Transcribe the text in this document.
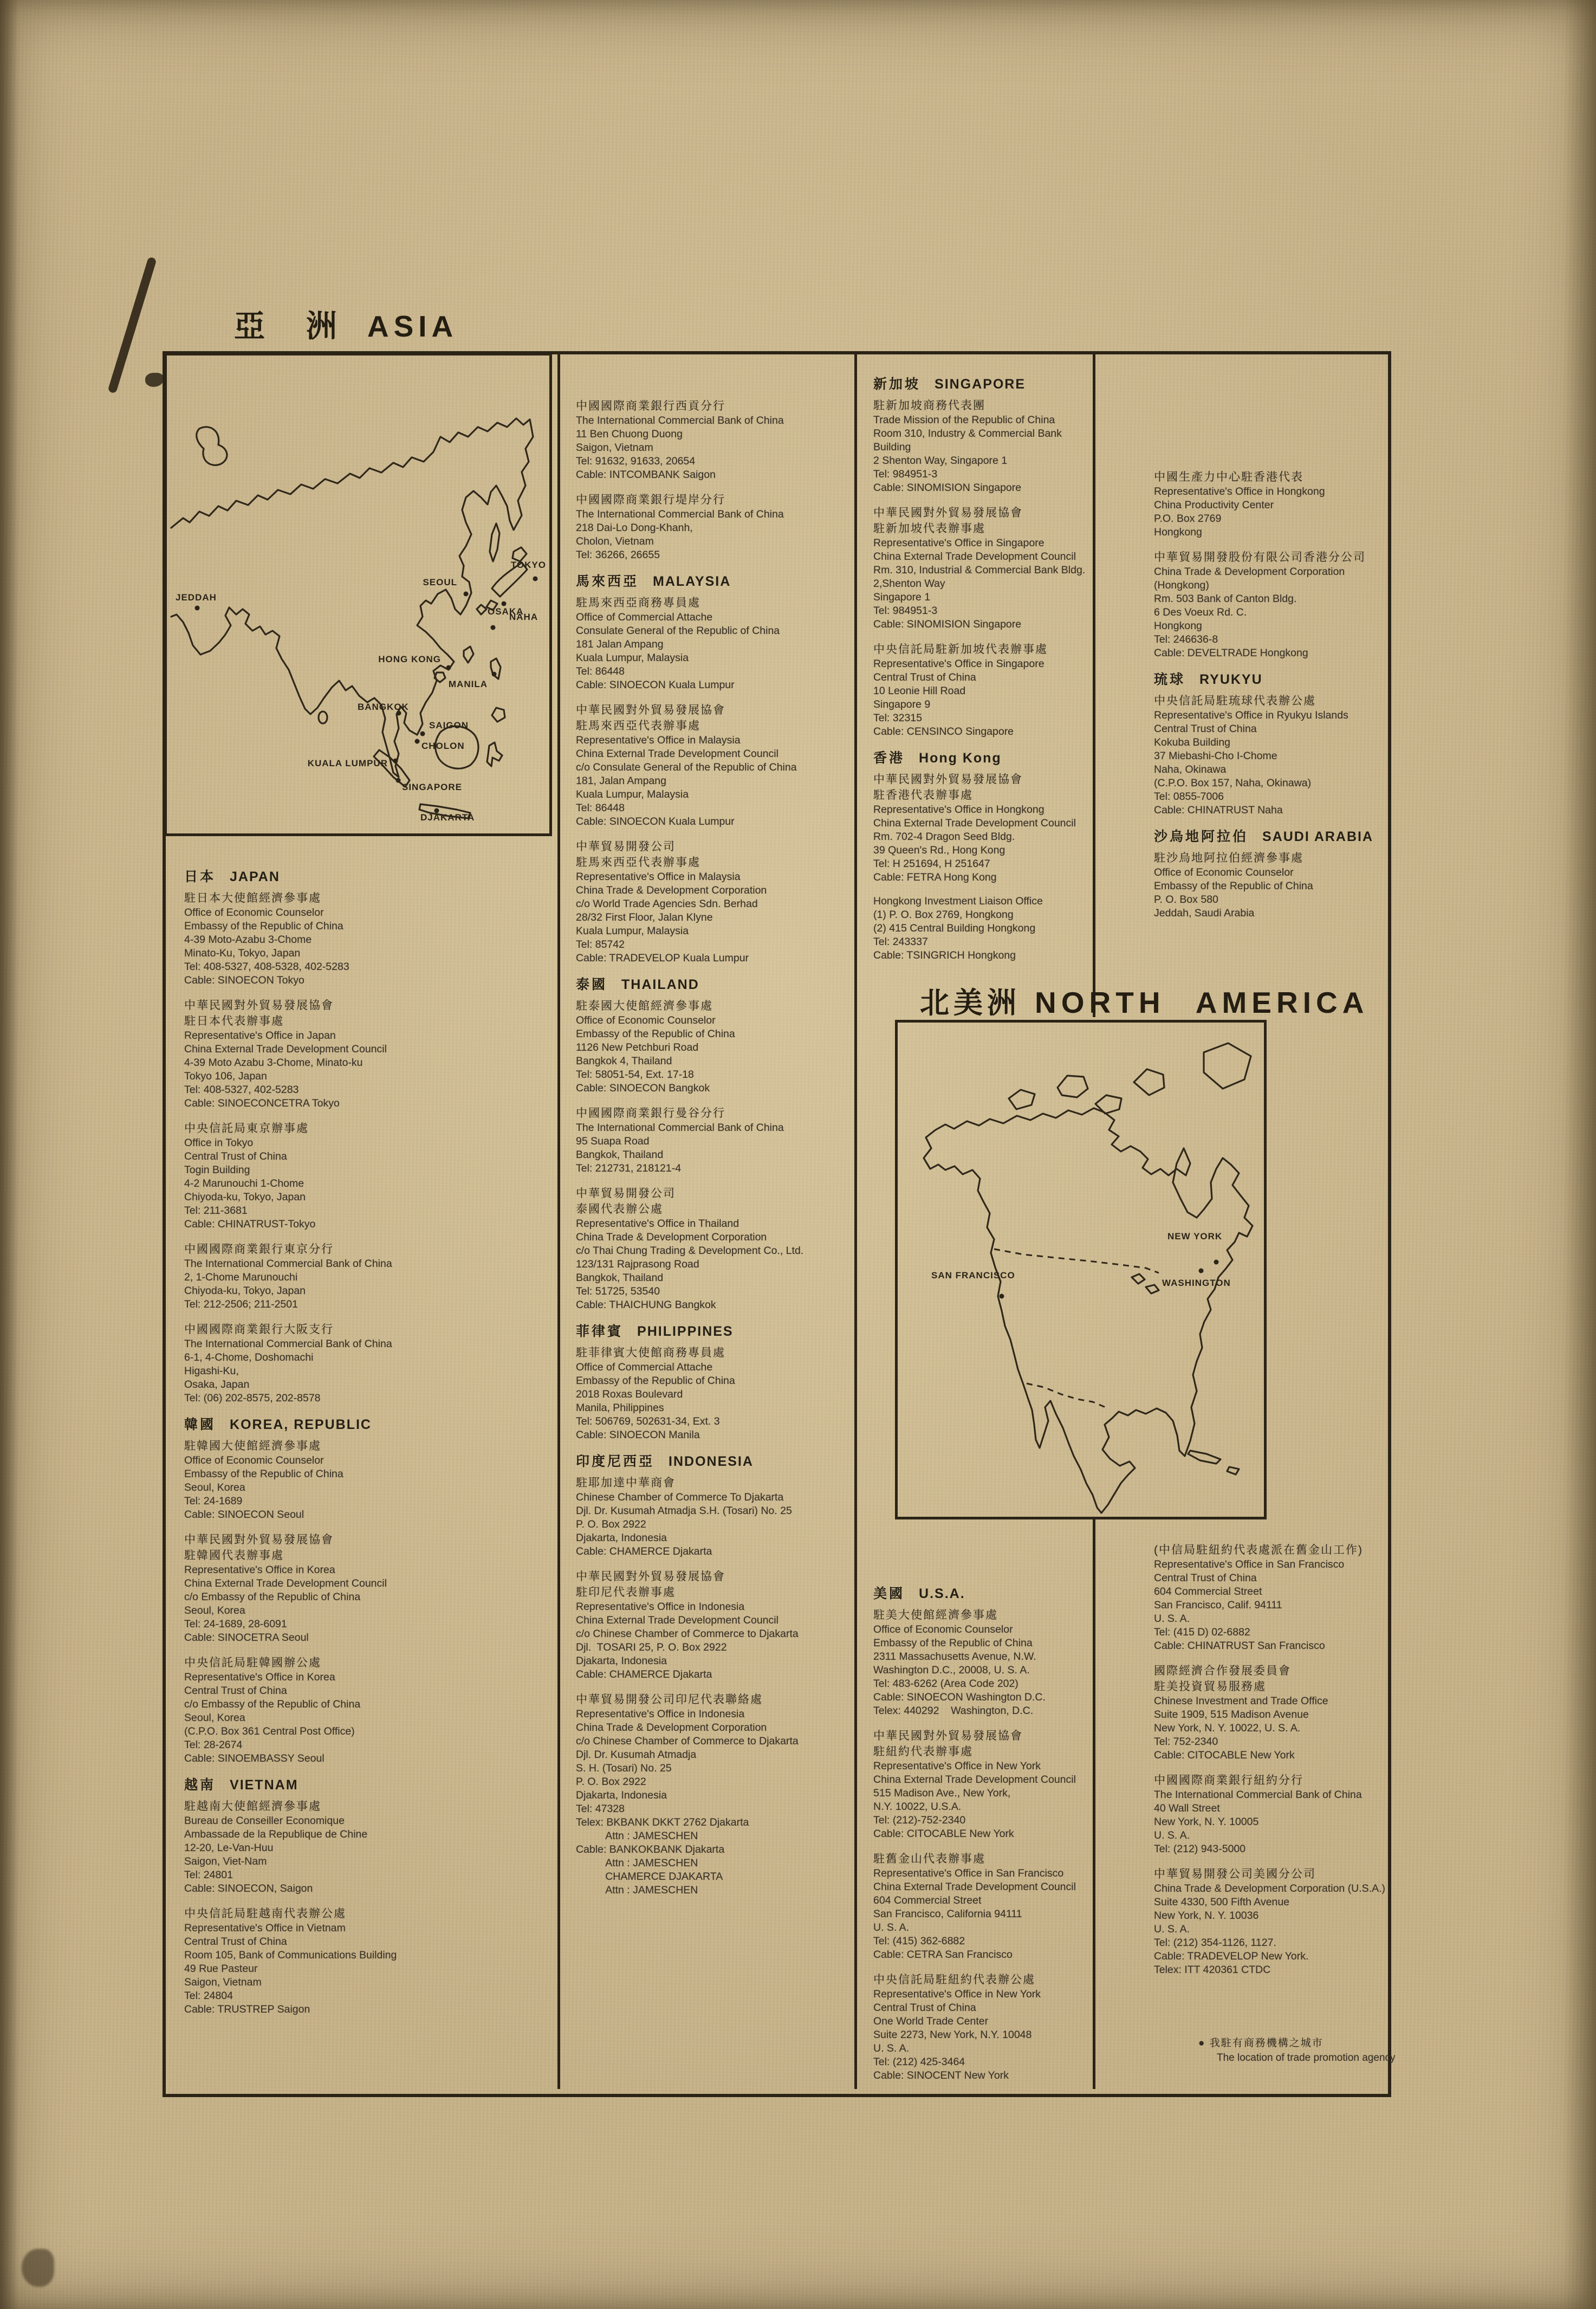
亞 洲 ASIA
JEDDAH
SEOUL
TOKYO
OSAKA
NAHA
HONG KONG
MANILA
BANGKOK
SAIGON
CHOLON
KUALA LUMPUR
SINGAPORE
DJAKARTA
北美洲 NORTH AMERICA
SAN FRANCISCO
NEW YORK
WASHINGTON
日本 JAPAN
駐日本大使館經濟參事處
Office of Economic Counselor
Embassy of the Republic of China
4-39 Moto-Azabu 3-Chome
Minato-Ku, Tokyo, Japan
Tel: 408-5327, 408-5328, 402-5283
Cable: SINOECON Tokyo
中華民國對外貿易發展協會
駐日本代表辦事處
Representative's Office in Japan
China External Trade Development Council
4-39 Moto Azabu 3-Chome, Minato-ku
Tokyo 106, Japan
Tel: 408-5327, 402-5283
Cable: SINOECONCETRA Tokyo
中央信託局東京辦事處
Office in Tokyo
Central Trust of China
Togin Building
4-2 Marunouchi 1-Chome
Chiyoda-ku, Tokyo, Japan
Tel: 211-3681
Cable: CHINATRUST-Tokyo
中國國際商業銀行東京分行
The International Commercial Bank of China
2, 1-Chome Marunouchi
Chiyoda-ku, Tokyo, Japan
Tel: 212-2506; 211-2501
中國國際商業銀行大阪支行
The International Commercial Bank of China
6-1, 4-Chome, Doshomachi
Higashi-Ku,
Osaka, Japan
Tel: (06) 202-8575, 202-8578
韓國 KOREA, REPUBLIC
駐韓國大使館經濟參事處
Office of Economic Counselor
Embassy of the Republic of China
Seoul, Korea
Tel: 24-1689
Cable: SINOECON Seoul
中華民國對外貿易發展協會
駐韓國代表辦事處
Representative's Office in Korea
China External Trade Development Council
c/o Embassy of the Republic of China
Seoul, Korea
Tel: 24-1689, 28-6091
Cable: SINOCETRA Seoul
中央信託局駐韓國辦公處
Representative's Office in Korea
Central Trust of China
c/o Embassy of the Republic of China
Seoul, Korea
(C.P.O. Box 361 Central Post Office)
Tel: 28-2674
Cable: SINOEMBASSY Seoul
越南 VIETNAM
駐越南大使館經濟參事處
Bureau de Conseiller Economique
Ambassade de la Republique de Chine
12-20, Le-Van-Huu
Saigon, Viet-Nam
Tel: 24801
Cable: SINOECON, Saigon
中央信託局駐越南代表辦公處
Representative's Office in Vietnam
Central Trust of China
Room 105, Bank of Communications Building
49 Rue Pasteur
Saigon, Vietnam
Tel: 24804
Cable: TRUSTREP Saigon
中國國際商業銀行西貢分行
The International Commercial Bank of China
11 Ben Chuong Duong
Saigon, Vietnam
Tel: 91632, 91633, 20654
Cable: INTCOMBANK Saigon
中國國際商業銀行堤岸分行
The International Commercial Bank of China
218 Dai-Lo Dong-Khanh,
Cholon, Vietnam
Tel: 36266, 26655
馬來西亞 MALAYSIA
駐馬來西亞商務專員處
Office of Commercial Attache
Consulate General of the Republic of China
181 Jalan Ampang
Kuala Lumpur, Malaysia
Tel: 86448
Cable: SINOECON Kuala Lumpur
中華民國對外貿易發展協會
駐馬來西亞代表辦事處
Representative's Office in Malaysia
China External Trade Development Council
c/o Consulate General of the Republic of China
181, Jalan Ampang
Kuala Lumpur, Malaysia
Tel: 86448
Cable: SINOECON Kuala Lumpur
中華貿易開發公司
駐馬來西亞代表辦事處
Representative's Office in Malaysia
China Trade & Development Corporation
c/o World Trade Agencies Sdn. Berhad
28/32 First Floor, Jalan Klyne
Kuala Lumpur, Malaysia
Tel: 85742
Cable: TRADEVELOP Kuala Lumpur
泰國 THAILAND
駐泰國大使館經濟參事處
Office of Economic Counselor
Embassy of the Republic of China
1126 New Petchburi Road
Bangkok 4, Thailand
Tel: 58051-54, Ext. 17-18
Cable: SINOECON Bangkok
中國國際商業銀行曼谷分行
The International Commercial Bank of China
95 Suapa Road
Bangkok, Thailand
Tel: 212731, 218121-4
中華貿易開發公司
泰國代表辦公處
Representative's Office in Thailand
China Trade & Development Corporation
c/o Thai Chung Trading & Development Co., Ltd.
123/131 Rajprasong Road
Bangkok, Thailand
Tel: 51725, 53540
Cable: THAICHUNG Bangkok
菲律賓 PHILIPPINES
駐菲律賓大使館商務專員處
Office of Commercial Attache
Embassy of the Republic of China
2018 Roxas Boulevard
Manila, Philippines
Tel: 506769, 502631-34, Ext. 3
Cable: SINOECON Manila
印度尼西亞 INDONESIA
駐耶加達中華商會
Chinese Chamber of Commerce To Djakarta
Djl. Dr. Kusumah Atmadja S.H. (Tosari) No. 25
P. O. Box 2922
Djakarta, Indonesia
Cable: CHAMERCE Djakarta
中華民國對外貿易發展協會
駐印尼代表辦事處
Representative's Office in Indonesia
China External Trade Development Council
c/o Chinese Chamber of Commerce to Djakarta
Djl.  TOSARI 25, P. O. Box 2922
Djakarta, Indonesia
Cable: CHAMERCE Djakarta
中華貿易開發公司印尼代表聯絡處
Representative's Office in Indonesia
China Trade & Development Corporation
c/o Chinese Chamber of Commerce to Djakarta
Djl. Dr. Kusumah Atmadja
S. H. (Tosari) No. 25
P. O. Box 2922
Djakarta, Indonesia
Tel: 47328
Telex: BKBANK DKKT 2762 Djakarta
Attn : JAMESCHEN
Cable: BANKOKBANK Djakarta
Attn : JAMESCHEN
CHAMERCE DJAKARTA
Attn : JAMESCHEN
新加坡 SINGAPORE
駐新加坡商務代表團
Trade Mission of the Republic of China
Room 310, Industry & Commercial Bank Building
2 Shenton Way, Singapore 1
Tel: 984951-3
Cable: SINOMISION Singapore
中華民國對外貿易發展協會
駐新加坡代表辦事處
Representative's Office in Singapore
China External Trade Development Council
Rm. 310, Industrial & Commercial Bank Bldg.
2,Shenton Way
Singapore 1
Tel: 984951-3
Cable: SINOMISION Singapore
中央信託局駐新加坡代表辦事處
Representative's Office in Singapore
Central Trust of China
10 Leonie Hill Road
Singapore 9
Tel: 32315
Cable: CENSINCO Singapore
香港 Hong Kong
中華民國對外貿易發展協會
駐香港代表辦事處
Representative's Office in Hongkong
China External Trade Development Council
Rm. 702-4 Dragon Seed Bldg.
39 Queen's Rd., Hong Kong
Tel: H 251694, H 251647
Cable: FETRA Hong Kong
Hongkong Investment Liaison Office
(1) P. O. Box 2769, Hongkong
(2) 415 Central Building Hongkong
Tel: 243337
Cable: TSINGRICH Hongkong
中國生產力中心駐香港代表
Representative's Office in Hongkong
China Productivity Center
P.O. Box 2769
Hongkong
中華貿易開發股份有限公司香港分公司
China Trade & Development Corporation (Hongkong)
Rm. 503 Bank of Canton Bldg.
6 Des Voeux Rd. C.
Hongkong
Tel: 246636-8
Cable: DEVELTRADE Hongkong
琉球 RYUKYU
中央信託局駐琉球代表辦公處
Representative's Office in Ryukyu Islands
Central Trust of China
Kokuba Building
37 Miebashi-Cho I-Chome
Naha, Okinawa
(C.P.O. Box 157, Naha, Okinawa)
Tel: 0855-7006
Cable: CHINATRUST Naha
沙烏地阿拉伯 SAUDI ARABIA
駐沙烏地阿拉伯經濟參事處
Office of Economic Counselor
Embassy of the Republic of China
P. O. Box 580
Jeddah, Saudi Arabia
美國 U.S.A.
駐美大使館經濟參事處
Office of Economic Counselor
Embassy of the Republic of China
2311 Massachusetts Avenue, N.W.
Washington D.C., 20008, U. S. A.
Tel: 483-6262 (Area Code 202)
Cable: SINOECON Washington D.C.
Telex: 440292    Washington, D.C.
中華民國對外貿易發展協會
駐紐約代表辦事處
Representative's Office in New York
China External Trade Development Council
515 Madison Ave., New York,
N.Y. 10022, U.S.A.
Tel: (212)-752-2340
Cable: CITOCABLE New York
駐舊金山代表辦事處
Representative's Office in San Francisco
China External Trade Development Council
604 Commercial Street
San Francisco, California 94111
U. S. A.
Tel: (415) 362-6882
Cable: CETRA San Francisco
中央信託局駐紐約代表辦公處
Representative's Office in New York
Central Trust of China
One World Trade Center
Suite 2273, New York, N.Y. 10048
U. S. A.
Tel: (212) 425-3464
Cable: SINOCENT New York
(中信局駐紐約代表處派在舊金山工作)
Representative's Office in San Francisco
Central Trust of China
604 Commercial Street
San Francisco, Calif. 94111
U. S. A.
Tel: (415 D) 02-6882
Cable: CHINATRUST San Francisco
國際經濟合作發展委員會
駐美投資貿易服務處
Chinese Investment and Trade Office
Suite 1909, 515 Madison Avenue
New York, N. Y. 10022, U. S. A.
Tel: 752-2340
Cable: CITOCABLE New York
中國國際商業銀行紐約分行
The International Commercial Bank of China
40 Wall Street
New York, N. Y. 10005
U. S. A.
Tel: (212) 943-5000
中華貿易開發公司美國分公司
China Trade & Development Corporation (U.S.A.)
Suite 4330, 500 Fifth Avenue
New York, N. Y. 10036
U. S. A.
Tel: (212) 354-1126, 1127.
Cable: TRADEVELOP New York.
Telex: ITT 420361 CTDC
● 我駐有商務機構之城市
The location of trade promotion agency
